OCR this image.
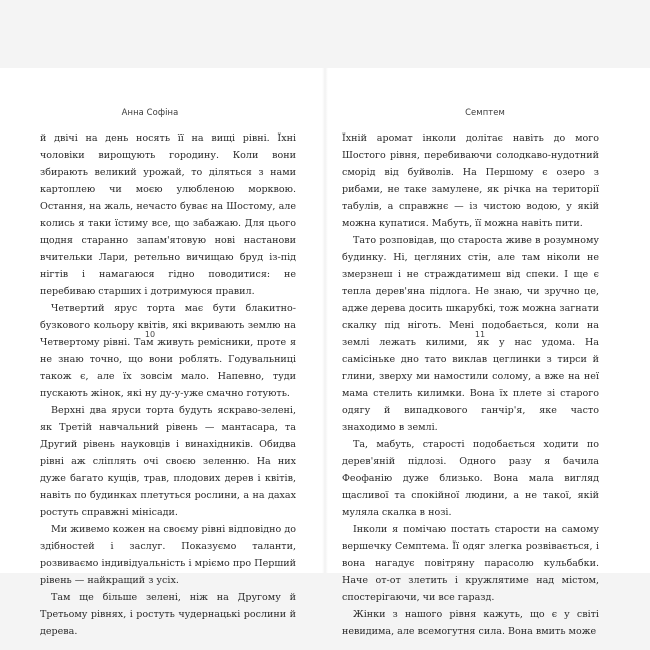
Анна Софіна

й двічі на день носять її на вищі рівні. Їхні чоловіки вирощують городину. Коли вони збирають великий урожай, то діляться з нами картоплею чи моєю улюбленою морквою. Остання, на жаль, нечасто буває на Шостому, але колись я таки їстиму все, що забажаю. Для цього щодня старанно запам'ятовую нові настанови вчительки Лари, ретельно вичищаю бруд із-під нігтів і намагаюся гідно поводитися: не перебиваю старших і дотримуюся правил.

Четвертий ярус торта має бути блакитно-бузкового кольору квітів, які вкривають землю на Четвертому рівні. Там живуть ремісники, проте я не знаю точно, що вони роблять. Годувальниці також є, але їх зовсім мало. Напевно, туди пускають жінок, які ну ду-у-уже смачно готують.

Верхні два яруси торта будуть яскраво-зелені, як Третій навчальний рівень — мантасара, та Другий рівень науковців і винахідників. Обидва рівні аж сліплять очі своєю зеленню. На них дуже багато кущів, трав, плодових дерев і квітів, навіть по будинках плетуться рослини, а на дахах ростуть справжні мінісади.

Ми живемо кожен на своєму рівні відповідно до здібностей і заслуг. Показуємо таланти, розвиваємо індивідуальність і мріємо про Перший рівень — найкращий з усіх.

Там ще більше зелені, ніж на Другому й Третьому рівнях, і ростуть чудернацькі рослини й дерева.

Семптем

Їхній аромат інколи долітає навіть до мого Шостого рівня, перебиваючи солодкаво-нудотний сморід від буйволів. На Першому є озеро з рибами, не таке замулене, як річка на території табулів, а справжнє — із чистою водою, у якій можна купатися. Мабуть, її можна навіть пити.

Тато розповідав, що староста живе в розумному будинку. Ні, цегляних стін, але там ніколи не змерзнеш і не страждатимеш від спеки. І ще є тепла дерев'яна підлога. Не знаю, чи зручно це, адже дерева досить шкарубкі, тож можна загнати скалку під ніготь. Мені подобається, коли на землі лежать килими, як у нас удома. На самісінькe дно тато виклав цеглинки з тирси й глини, зверху ми намостили солому, а вже на неї мама стелить килимки. Вона їх плете зі старого одягу й випадкового ганчір'я, яке часто знаходимо в землі.

Та, мабуть, старості подобається ходити по дерев'яній підлозі. Одного разу я бачила Феофанію дуже близько. Вона мала вигляд щасливої та спокійної людини, а не такої, якій муляла скалка в нозі.

Інколи я помічаю постать старости на самому вершечку Семптема. Її одяг злегка розвівається, і вона нагадує повітряну парасолю кульбабки. Наче от-от злетить і кружлятиме над містом, спостерігаючи, чи все гаразд.

Жінки з нашого рівня кажуть, що є у світі невидима, але всемогутня сила. Вона вмить може

10	11
